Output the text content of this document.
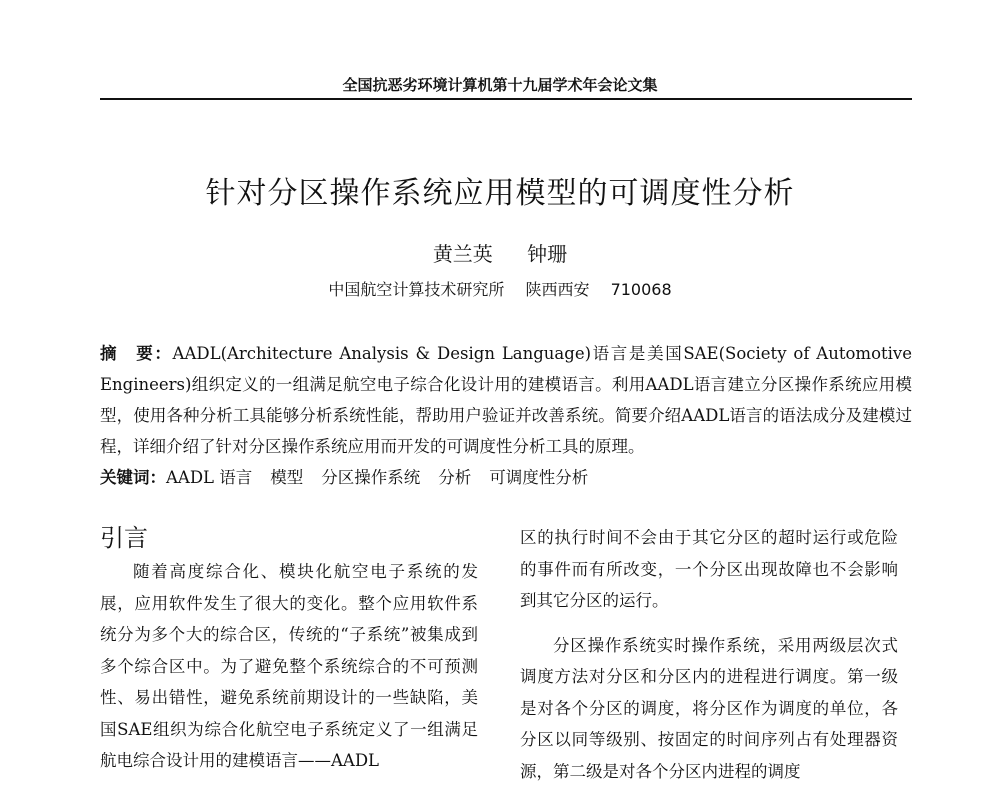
全国抗恶劣环境计算机第十九届学术年会论文集
针对分区操作系统应用模型的可调度性分析
黄兰英 钟珊
中国航空计算技术研究所 陕西西安 710068
摘　要：AADL(Architecture Analysis & Design Language)语言是美国SAE(Society of Automotive Engineers)组织定义的一组满足航空电子综合化设计用的建模语言。利用AADL语言建立分区操作系统应用模型，使用各种分析工具能够分析系统性能，帮助用户验证并改善系统。简要介绍AADL语言的语法成分及建模过程，详细介绍了针对分区操作系统应用而开发的可调度性分析工具的原理。
关键词：AADL 语言 模型 分区操作系统 分析 可调度性分析
引言

随着高度综合化、模块化航空电子系统的发展，应用软件发生了很大的变化。整个应用软件系统分为多个大的综合区，传统的“子系统”被集成到多个综合区中。为了避免整个系统综合的不可预测性、易出错性，避免系统前期设计的一些缺陷，美国SAE组织为综合化航空电子系统定义了一组满足航电综合设计用的建模语言——AADL

区的执行时间不会由于其它分区的超时运行或危险的事件而有所改变，一个分区出现故障也不会影响到其它分区的运行。

分区操作系统实时操作系统，采用两级层次式调度方法对分区和分区内的进程进行调度。第一级是对各个分区的调度，将分区作为调度的单位，各分区以同等级别、按固定的时间序列占有处理器资源，第二级是对各个分区内进程的调度
